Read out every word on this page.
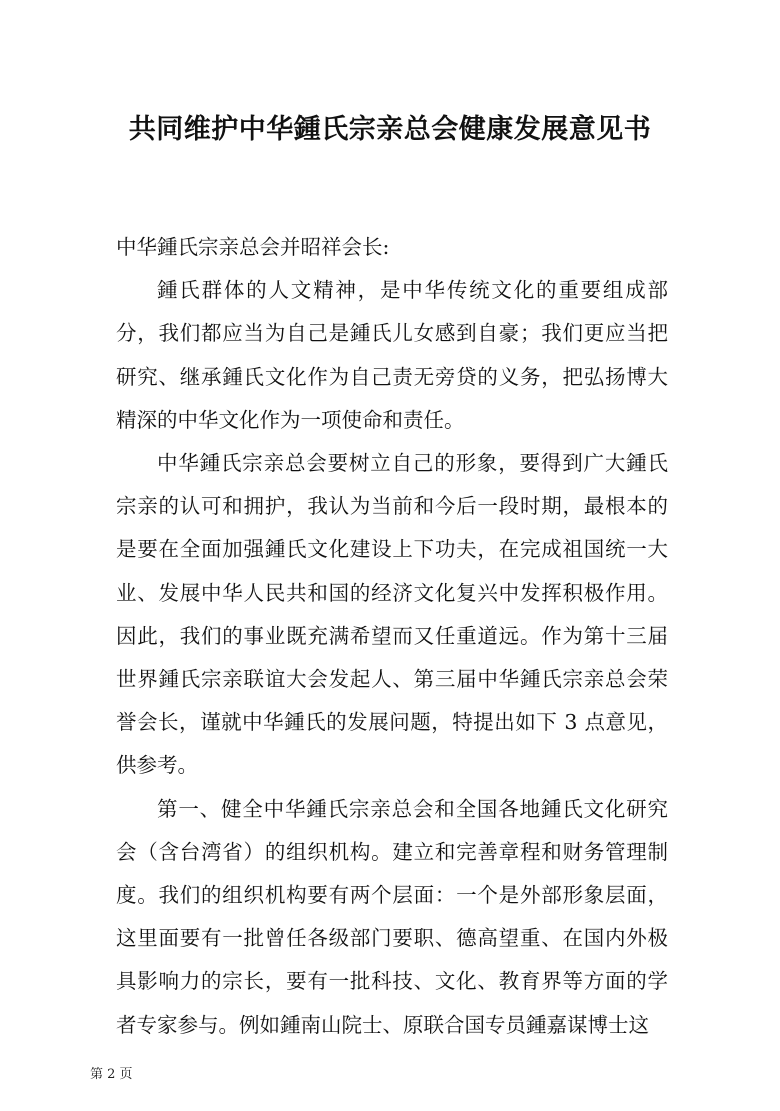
共同维护中华鍾氏宗亲总会健康发展意见书

中华鍾氏宗亲总会并昭祥会长:

鍾氏群体的人文精神，是中华传统文化的重要组成部分，我们都应当为自己是鍾氏儿女感到自豪；我们更应当把研究、继承鍾氏文化作为自己责无旁贷的义务，把弘扬博大精深的中华文化作为一项使命和责任。

中华鍾氏宗亲总会要树立自己的形象，要得到广大鍾氏宗亲的认可和拥护，我认为当前和今后一段时期，最根本的是要在全面加强鍾氏文化建设上下功夫，在完成祖国统一大业、发展中华人民共和国的经济文化复兴中发挥积极作用。因此，我们的事业既充满希望而又任重道远。作为第十三届世界鍾氏宗亲联谊大会发起人、第三届中华鍾氏宗亲总会荣誉会长，谨就中华鍾氏的发展问题，特提出如下 3 点意见，供参考。

第一、健全中华鍾氏宗亲总会和全国各地鍾氏文化研究会（含台湾省）的组织机构。建立和完善章程和财务管理制度。我们的组织机构要有两个层面：一个是外部形象层面，这里面要有一批曾任各级部门要职、德高望重、在国内外极具影响力的宗长，要有一批科技、文化、教育界等方面的学者专家参与。例如鍾南山院士、原联合国专员鍾嘉谋博士这

第 2 页
